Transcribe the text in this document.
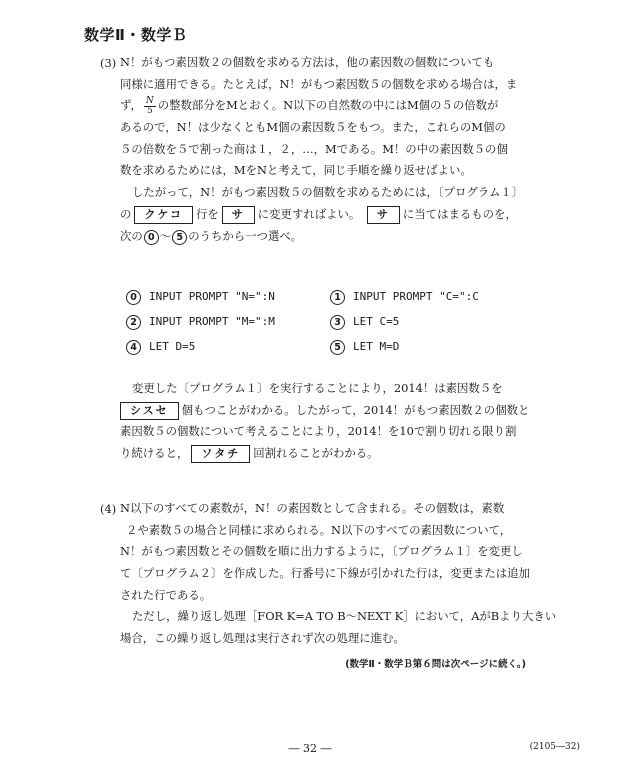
数学Ⅱ・数学Ｂ
(3) N！がもつ素因数２の個数を求める方法は，他の素因数の個数についても
同様に適用できる。たとえば，N！がもつ素因数５の個数を求める場合は，ま
ず， $\frac{N}{5}$ の整数部分をMとおく。N以下の自然数の中にはM個の５の倍数が
あるので，N！は少なくともM個の素因数５をもつ。また，これらのM個の
５の倍数を５で割った商は１，２，…，Mである。M！の中の素因数５の個
数を求めるためには，MをNと考えて，同じ手順を繰り返せばよい。
したがって，N！がもつ素因数５の個数を求めるためには，〔プログラム１〕
の クケコ 行を サ に変更すればよい。 サ に当てはまるものを，
次の 0 〜 5 のうちから一つ選べ。
0 INPUT PROMPT "N=":N	1 INPUT PROMPT "C=":C
2 INPUT PROMPT "M=":M	3 LET C=5
4 LET D=5	5 LET M=D
変更した〔プログラム１〕を実行することにより，2014！は素因数５を
シスセ 個もつことがわかる。したがって，2014！がもつ素因数２の個数と
素因数５の個数について考えることにより，2014！を10で割り切れる限り割
り続けると， ソタチ 回割れることがわかる。
(4) N以下のすべての素数が，N！の素因数として含まれる。その個数は，素数
２や素数５の場合と同様に求められる。N以下のすべての素因数について，
N！がもつ素因数とその個数を順に出力するように，〔プログラム１〕を変更し
て〔プログラム２〕を作成した。行番号に下線が引かれた行は，変更または追加
された行である。
ただし，繰り返し処理［FOR K=A TO B〜NEXT K］において，AがBより大きい
場合，この繰り返し処理は実行されず次の処理に進む。
(数学Ⅱ・数学Ｂ第６問は次ページに続く。)
― 32 ―	(2105―32)
